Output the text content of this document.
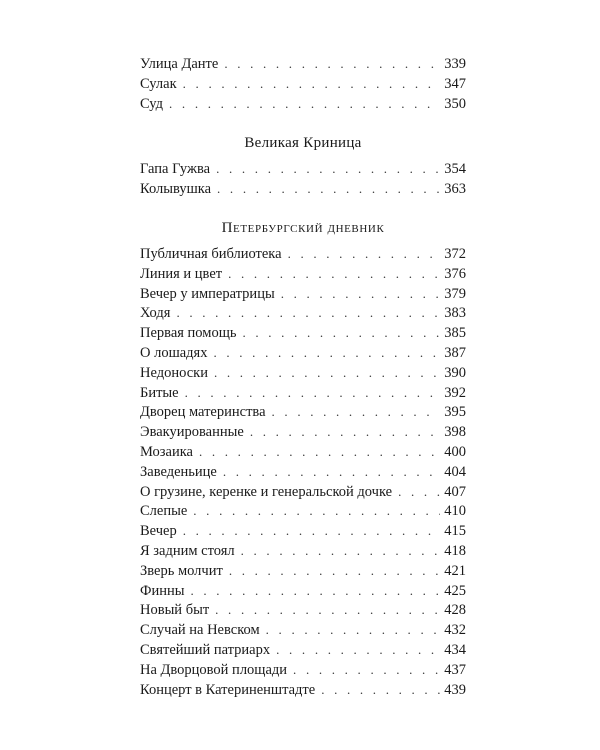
Улица Данте . . .	339
Сулак . . .	347
Суд . . .	350
Великая Криница
Гапа Гужва . . .	354
Колывушка . . .	363
Петербургский дневник
Публичная библиотека . . .	372
Линия и цвет . . .	376
Вечер у императрицы . . .	379
Ходя . . .	383
Первая помощь . . .	385
О лошадях . . .	387
Недоноски . . .	390
Битые . . .	392
Дворец материнства . . .	395
Эвакуированные . . .	398
Мозаика . . .	400
Заведеньице . . .	404
О грузине, керенке и генеральской дочке . . .	407
Слепые . . .	410
Вечер . . .	415
Я задним стоял . . .	418
Зверь молчит . . .	421
Финны . . .	425
Новый быт . . .	428
Случай на Невском . . .	432
Святейший патриарх . . .	434
На Дворцовой площади . . .	437
Концерт в Катериненштадте . . .	439
